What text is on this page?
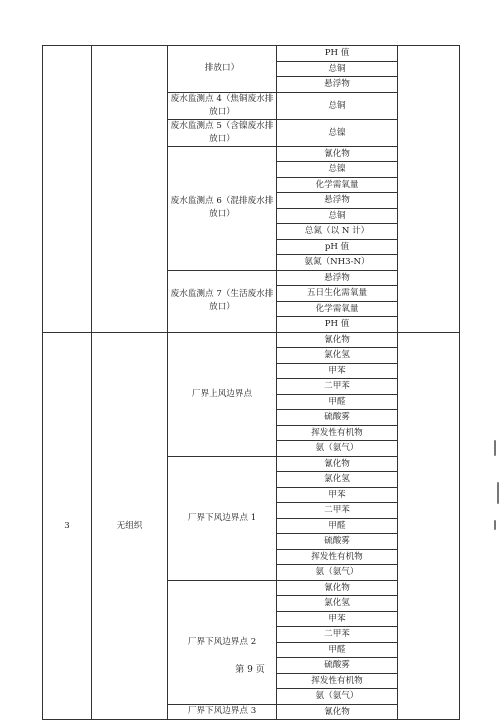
		排放口）	PH 值	
			总铜	
			悬浮物	
		废水监测点 4（焦铜废水排放口）	总铜	
		废水监测点 5（含镍废水排放口）	总镍	
		废水监测点 6（混排废水排放口）	氰化物	
			总镍	
			化学需氧量	
			悬浮物	
			总铜	
			总氮（以 N 计）	
			pH 值	
			氨氮（NH3-N）	
		废水监测点 7（生活废水排放口）	悬浮物	
			五日生化需氧量	
			化学需氧量	
			PH 值	
3	无组织	厂界上风边界点	氰化物	
			氯化氢	
			甲苯	
			二甲苯	
			甲醛	
			硫酸雾	
			挥发性有机物	
			氨（氨气）	
		厂界下风边界点 1	氰化物	
			氯化氢	
			甲苯	
			二甲苯	
			甲醛	
			硫酸雾	
			挥发性有机物	
			氨（氨气）	
		厂界下风边界点 2	氰化物	
			氯化氢	
			甲苯	
			二甲苯	
			甲醛	
			硫酸雾	
			挥发性有机物	
			氨（氨气）	
		厂界下风边界点 3	氰化物	
第 9 页
